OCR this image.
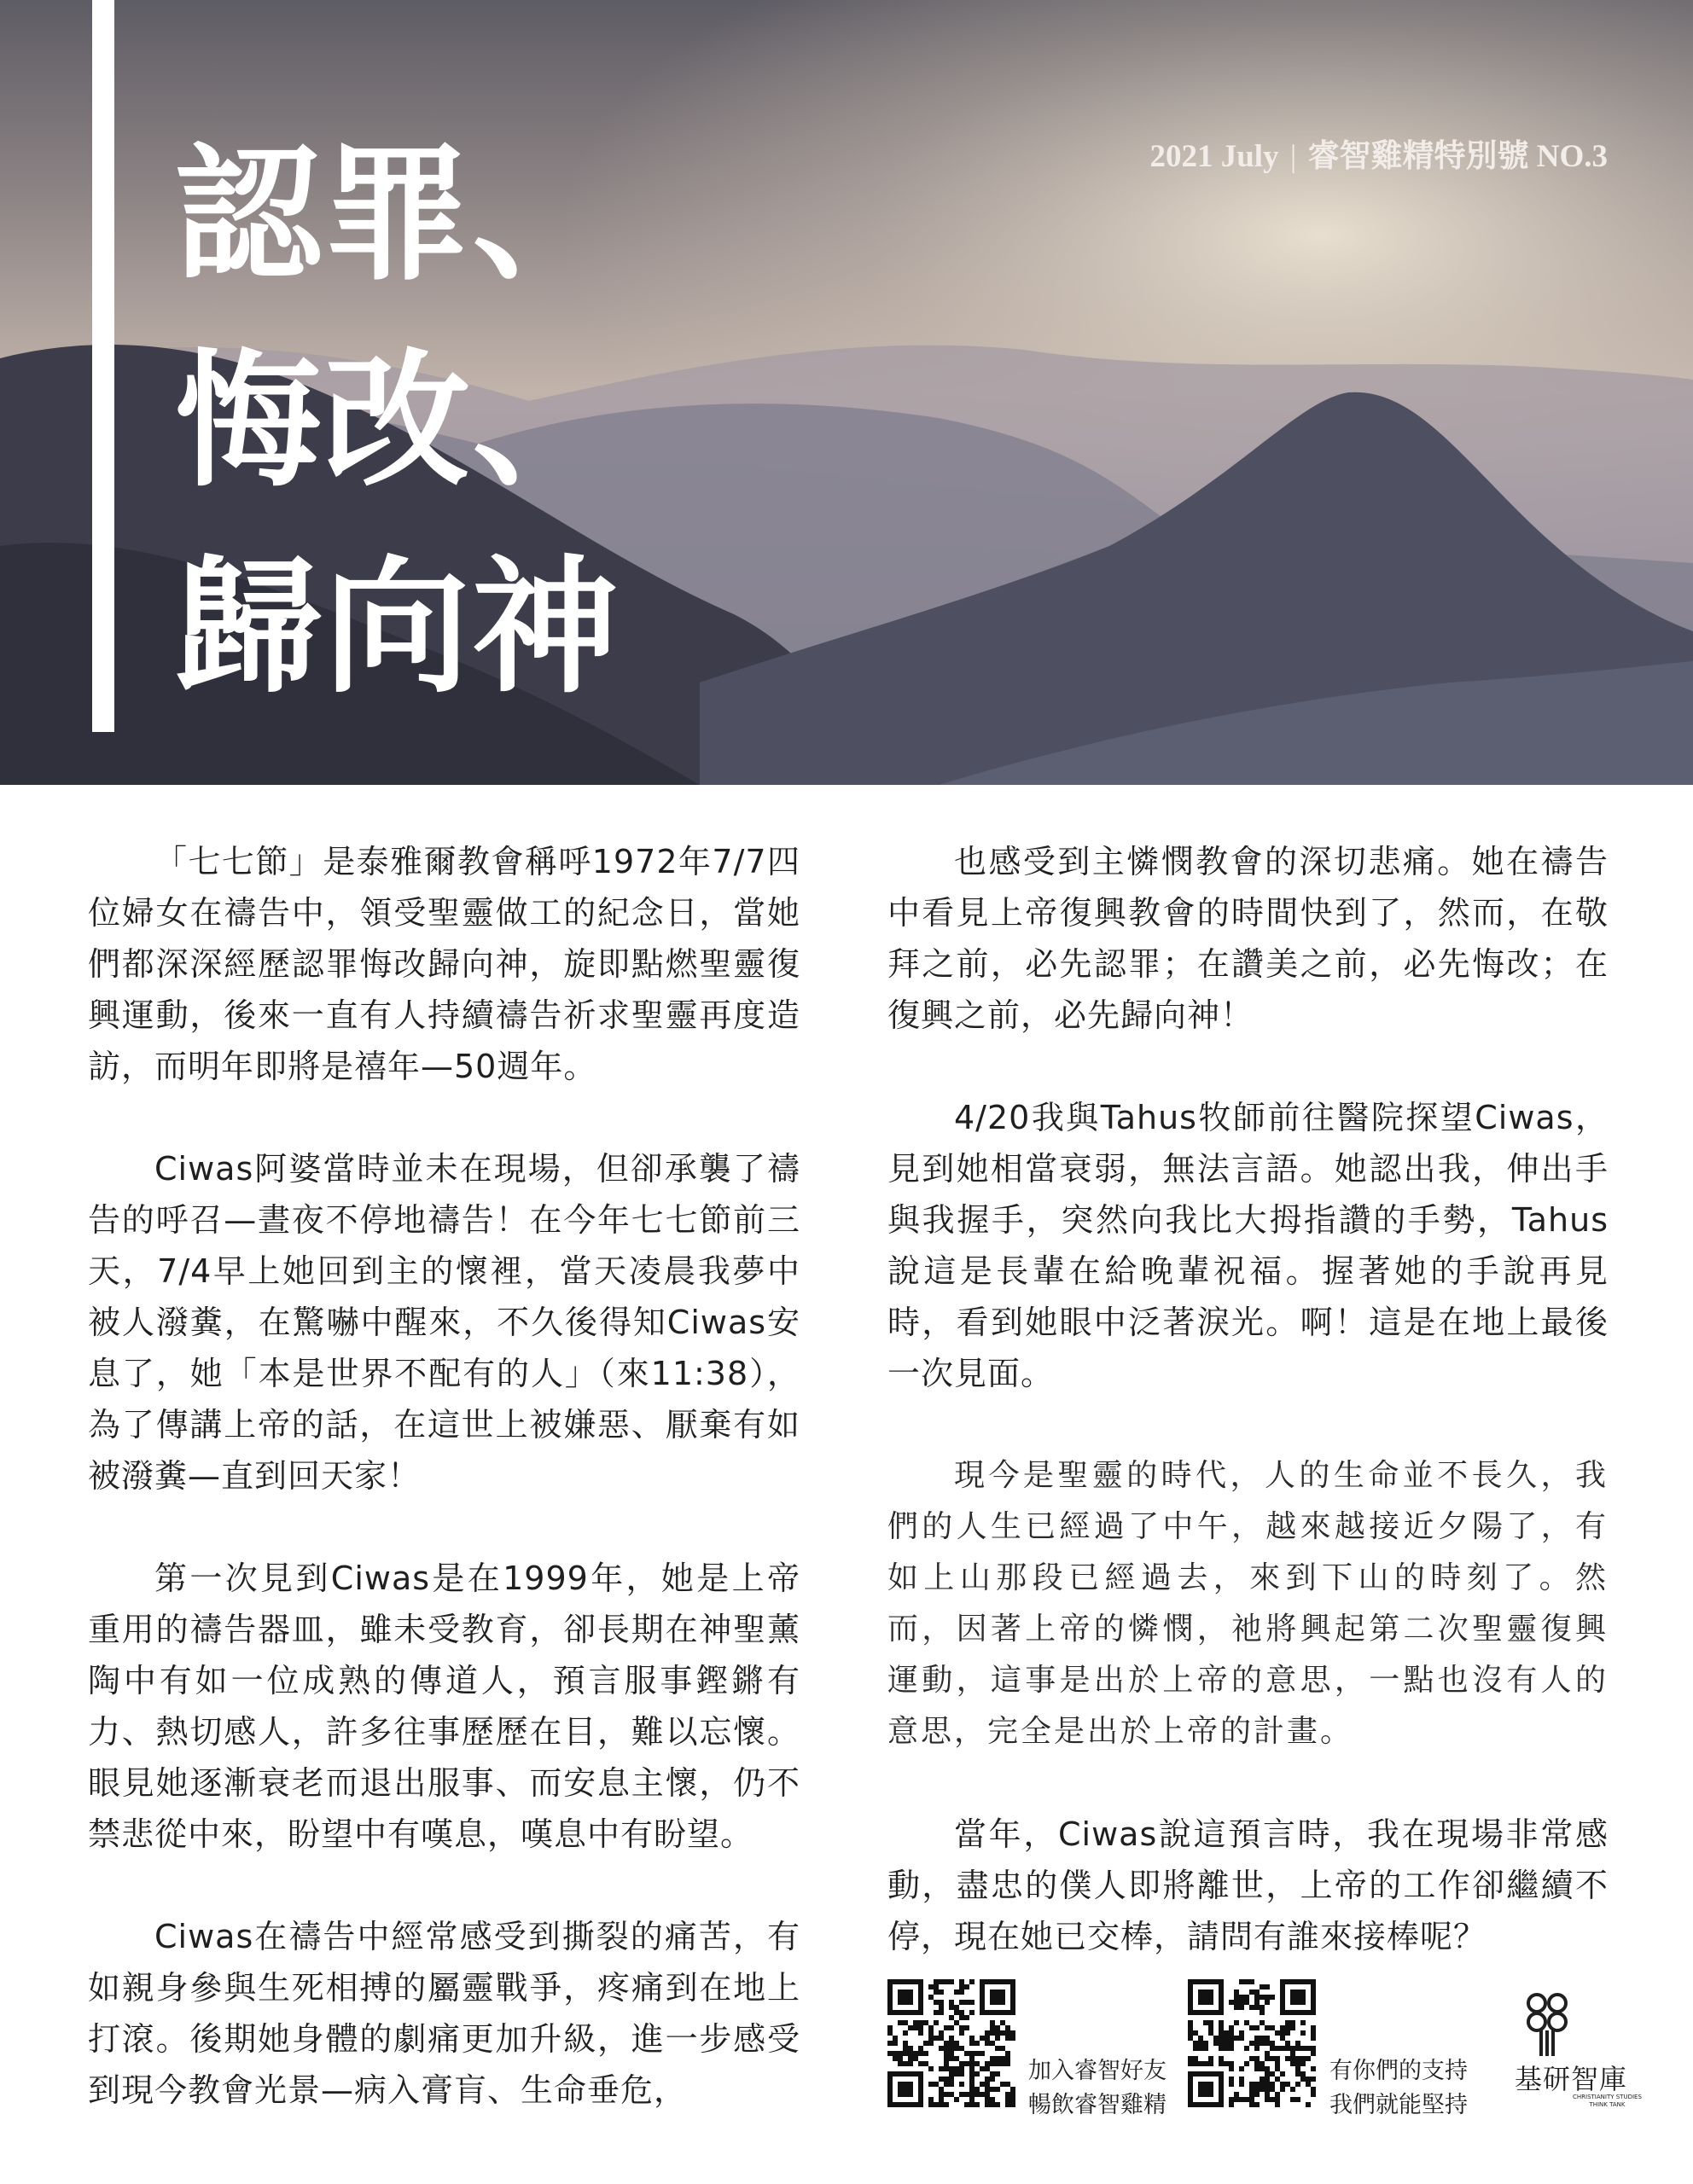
認罪、
悔改、
歸向神
2021 July | 睿智雞精特別號 NO.3

「七七節」是泰雅爾教會稱呼1972年7/7四位婦女在禱告中，領受聖靈做工的紀念日，當她們都深深經歷認罪悔改歸向神，旋即點燃聖靈復興運動，後來一直有人持續禱告祈求聖靈再度造訪，而明年即將是禧年—50週年。

Ciwas阿婆當時並未在現場，但卻承襲了禱告的呼召—晝夜不停地禱告！在今年七七節前三天，7/4早上她回到主的懷裡，當天凌晨我夢中被人潑糞，在驚嚇中醒來，不久後得知Ciwas安息了，她「本是世界不配有的人」（來11:38），為了傳講上帝的話，在這世上被嫌惡、厭棄有如被潑糞—直到回天家！

第一次見到Ciwas是在1999年，她是上帝重用的禱告器皿，雖未受教育，卻長期在神聖薰陶中有如一位成熟的傳道人，預言服事鏗鏘有力、熱切感人，許多往事歷歷在目，難以忘懷。眼見她逐漸衰老而退出服事、而安息主懷，仍不禁悲從中來，盼望中有嘆息，嘆息中有盼望。

Ciwas在禱告中經常感受到撕裂的痛苦，有如親身參與生死相搏的屬靈戰爭，疼痛到在地上打滾。後期她身體的劇痛更加升級，進一步感受到現今教會光景—病入膏肓、生命垂危，

也感受到主憐憫教會的深切悲痛。她在禱告中看見上帝復興教會的時間快到了，然而，在敬拜之前，必先認罪；在讚美之前，必先悔改；在復興之前，必先歸向神！

4/20我與Tahus牧師前往醫院探望Ciwas，見到她相當衰弱，無法言語。她認出我，伸出手與我握手，突然向我比大拇指讚的手勢，Tahus說這是長輩在給晚輩祝福。握著她的手說再見時，看到她眼中泛著淚光。啊！這是在地上最後一次見面。

現今是聖靈的時代，人的生命並不長久，我們的人生已經過了中午，越來越接近夕陽了，有如上山那段已經過去，來到下山的時刻了。然而，因著上帝的憐憫，祂將興起第二次聖靈復興運動，這事是出於上帝的意思，一點也沒有人的意思，完全是出於上帝的計畫。

當年，Ciwas說這預言時，我在現場非常感動，盡忠的僕人即將離世，上帝的工作卻繼續不停，現在她已交棒，請問有誰來接棒呢？

加入睿智好友
暢飲睿智雞精
有你們的支持
我們就能堅持
基研智庫
CHRISTIANITY STUDIES
THINK TANK
